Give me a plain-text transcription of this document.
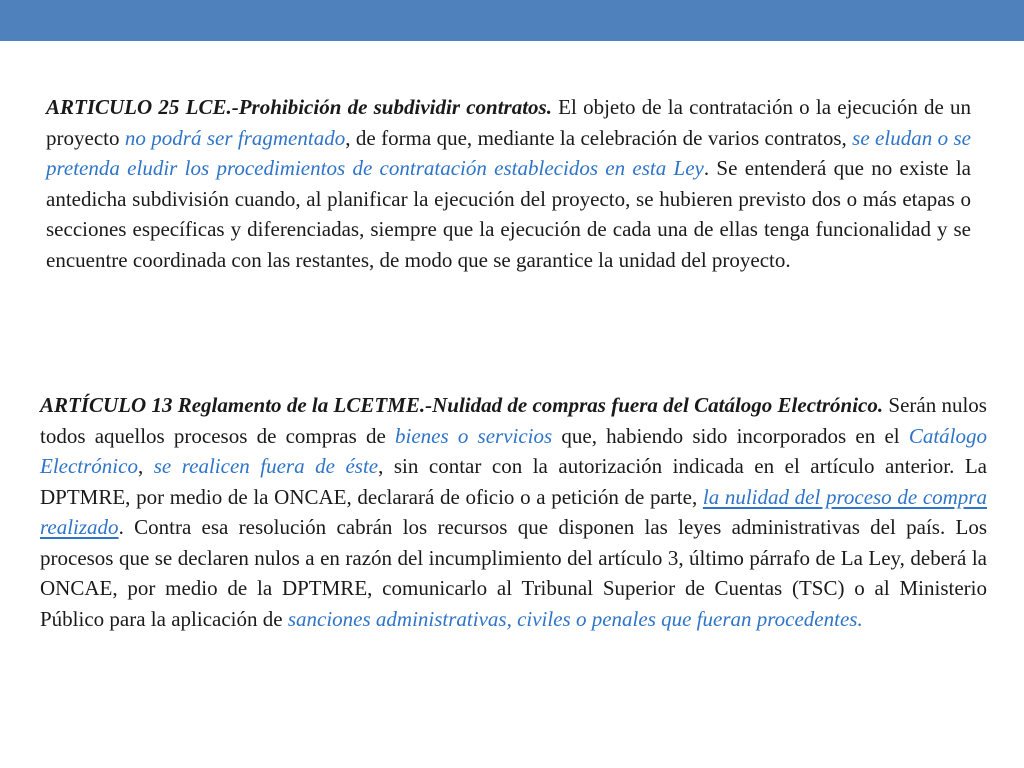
ARTICULO 25 LCE.-Prohibición de subdividir contratos. El objeto de la contratación o la ejecución de un proyecto no podrá ser fragmentado, de forma que, mediante la celebración de varios contratos, se eludan o se pretenda eludir los procedimientos de contratación establecidos en esta Ley. Se entenderá que no existe la antedicha subdivisión cuando, al planificar la ejecución del proyecto, se hubieren previsto dos o más etapas o secciones específicas y diferenciadas, siempre que la ejecución de cada una de ellas tenga funcionalidad y se encuentre coordinada con las restantes, de modo que se garantice la unidad del proyecto.

ARTÍCULO 13 Reglamento de la LCETME.-Nulidad de compras fuera del Catálogo Electrónico. Serán nulos todos aquellos procesos de compras de bienes o servicios que, habiendo sido incorporados en el Catálogo Electrónico, se realicen fuera de éste, sin contar con la autorización indicada en el artículo anterior. La DPTMRE, por medio de la ONCAE, declarará de oficio o a petición de parte, la nulidad del proceso de compra realizado. Contra esa resolución cabrán los recursos que disponen las leyes administrativas del país. Los procesos que se declaren nulos a en razón del incumplimiento del artículo 3, último párrafo de La Ley, deberá la ONCAE, por medio de la DPTMRE, comunicarlo al Tribunal Superior de Cuentas (TSC) o al Ministerio Público para la aplicación de sanciones administrativas, civiles o penales que fueran procedentes.
